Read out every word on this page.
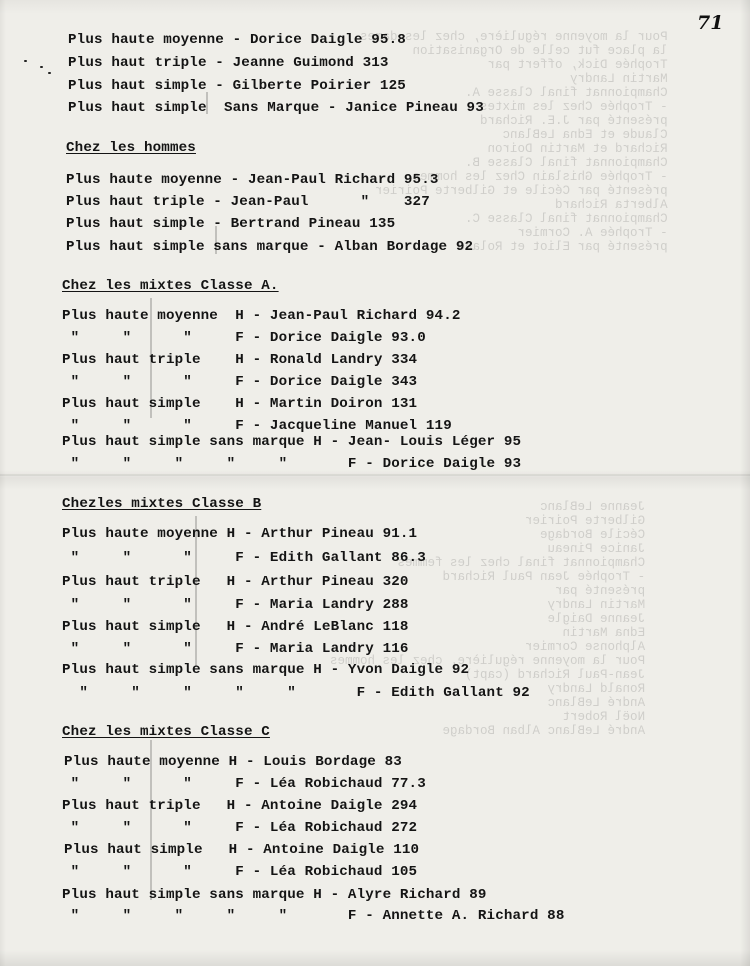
Pour la moyenne régulière, chez les dames
la place fut celle de Organisation
Trophée Dick, offert par
Martin Landry
Championnat final Classe A.
- Trophée Chez les mixtes
présenté par J.E. Richard
Claude et Edna LeBlanc
Richard et Martin Doiron
Championnat final Classe B.
- Trophée Ghislain Chez les hommes
présenté par Cécile et Gilberte Poirier
Alberta Richard
Championnat final Classe C.
- Trophée A. Cormier
présenté par Eliot et Roland
Jeanne LeBlanc
Gilberte Poirier
Cécile Bordage
Janice Pineau
Championnat final chez les femmes
- Trophée Jean Paul Richard
présenté par
Martin Landry
Jeanne Daigle
Edna Martin
Alphonse Cormier
Pour la moyenne régulière, chez les hommes
Jean-Paul Richard (capt)
Ronald Landry
André LeBlanc
Noël Robert
André LeBlanc Alban Bordage
71
Plus haute moyenne - Dorice Daigle 95.8
Plus haut triple - Jeanne Guimond 313
Plus haut simple - Gilberte Poirier 125
Plus haut simple  Sans Marque - Janice Pineau 93
Chez les hommes
Plus haute moyenne - Jean-Paul Richard 95.3
Plus haut triple - Jean-Paul      "    327
Plus haut simple - Bertrand Pineau 135
Plus haut simple sans marque - Alban Bordage 92
Chez les mixtes Classe A.
Plus haute moyenne  H - Jean-Paul Richard 94.2
"     "      "     F - Dorice Daigle 93.0
Plus haut triple    H - Ronald Landry 334
"     "      "     F - Dorice Daigle 343
Plus haut simple    H - Martin Doiron 131
"     "      "     F - Jacqueline Manuel 119
Plus haut simple sans marque H - Jean- Louis Léger 95
"     "     "     "     "       F - Dorice Daigle 93
Chezles mixtes Classe B
Plus haute moyenne H - Arthur Pineau 91.1
"     "      "     F - Edith Gallant 86.3
Plus haut triple   H - Arthur Pineau 320
"     "      "     F - Maria Landry 288
Plus haut simple   H - André LeBlanc 118
"     "      "     F - Maria Landry 116
Plus haut simple sans marque H - Yvon Daigle 92
"     "     "     "     "       F - Edith Gallant 92
Chez les mixtes Classe C
Plus haute moyenne H - Louis Bordage 83
"     "      "     F - Léa Robichaud 77.3
Plus haut triple   H - Antoine Daigle 294
"     "      "     F - Léa Robichaud 272
Plus haut simple   H - Antoine Daigle 110
"     "      "     F - Léa Robichaud 105
Plus haut simple sans marque H - Alyre Richard 89
"     "     "     "     "       F - Annette A. Richard 88
